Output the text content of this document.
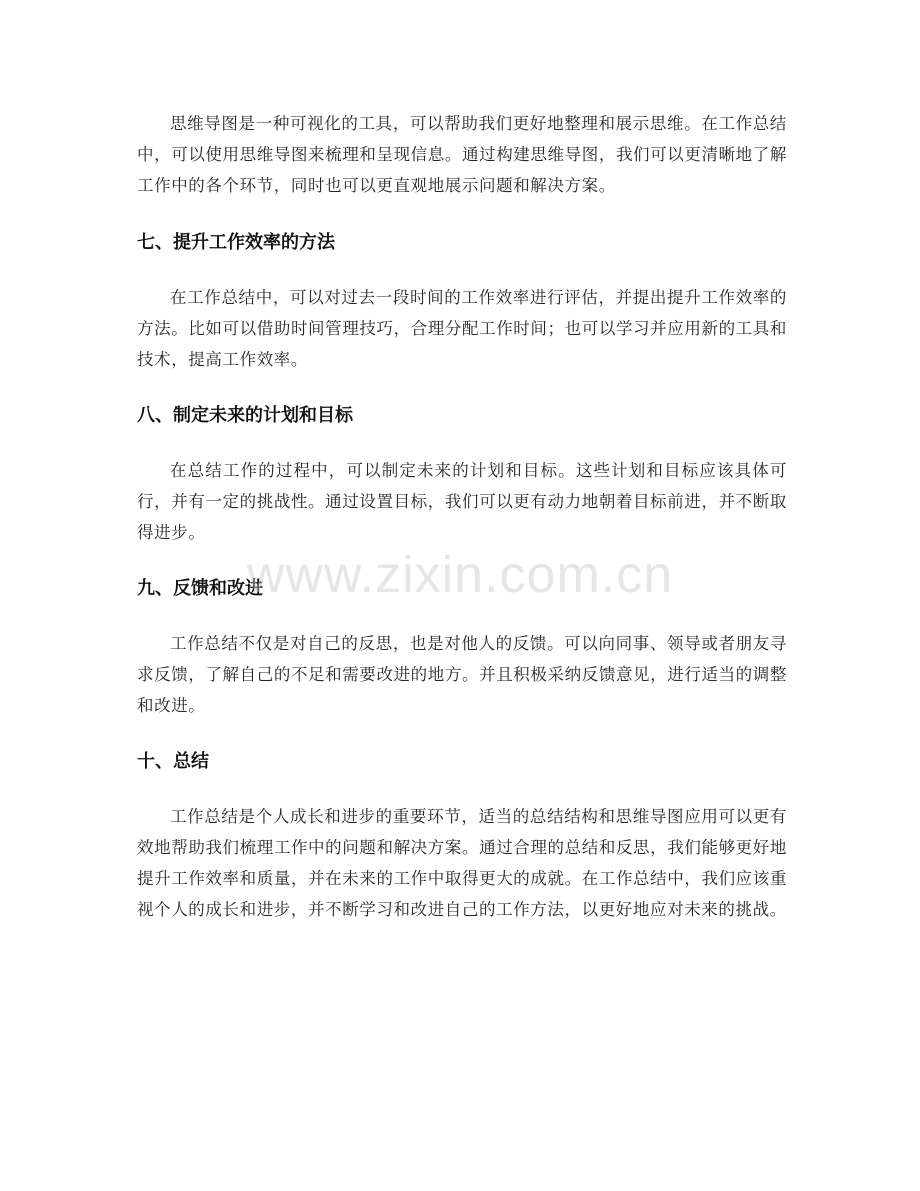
思维导图是一种可视化的工具，可以帮助我们更好地整理和展示思维。在工作总结中，可以使用思维导图来梳理和呈现信息。通过构建思维导图，我们可以更清晰地了解工作中的各个环节，同时也可以更直观地展示问题和解决方案。

七、提升工作效率的方法

在工作总结中，可以对过去一段时间的工作效率进行评估，并提出提升工作效率的方法。比如可以借助时间管理技巧，合理分配工作时间；也可以学习并应用新的工具和技术，提高工作效率。

八、制定未来的计划和目标

在总结工作的过程中，可以制定未来的计划和目标。这些计划和目标应该具体可行，并有一定的挑战性。通过设置目标，我们可以更有动力地朝着目标前进，并不断取得进步。

九、反馈和改进

工作总结不仅是对自己的反思，也是对他人的反馈。可以向同事、领导或者朋友寻求反馈，了解自己的不足和需要改进的地方。并且积极采纳反馈意见，进行适当的调整和改进。

十、总结

工作总结是个人成长和进步的重要环节，适当的总结结构和思维导图应用可以更有效地帮助我们梳理工作中的问题和解决方案。通过合理的总结和反思，我们能够更好地提升工作效率和质量，并在未来的工作中取得更大的成就。在工作总结中，我们应该重视个人的成长和进步，并不断学习和改进自己的工作方法，以更好地应对未来的挑战。

www.zixin.com.cn
